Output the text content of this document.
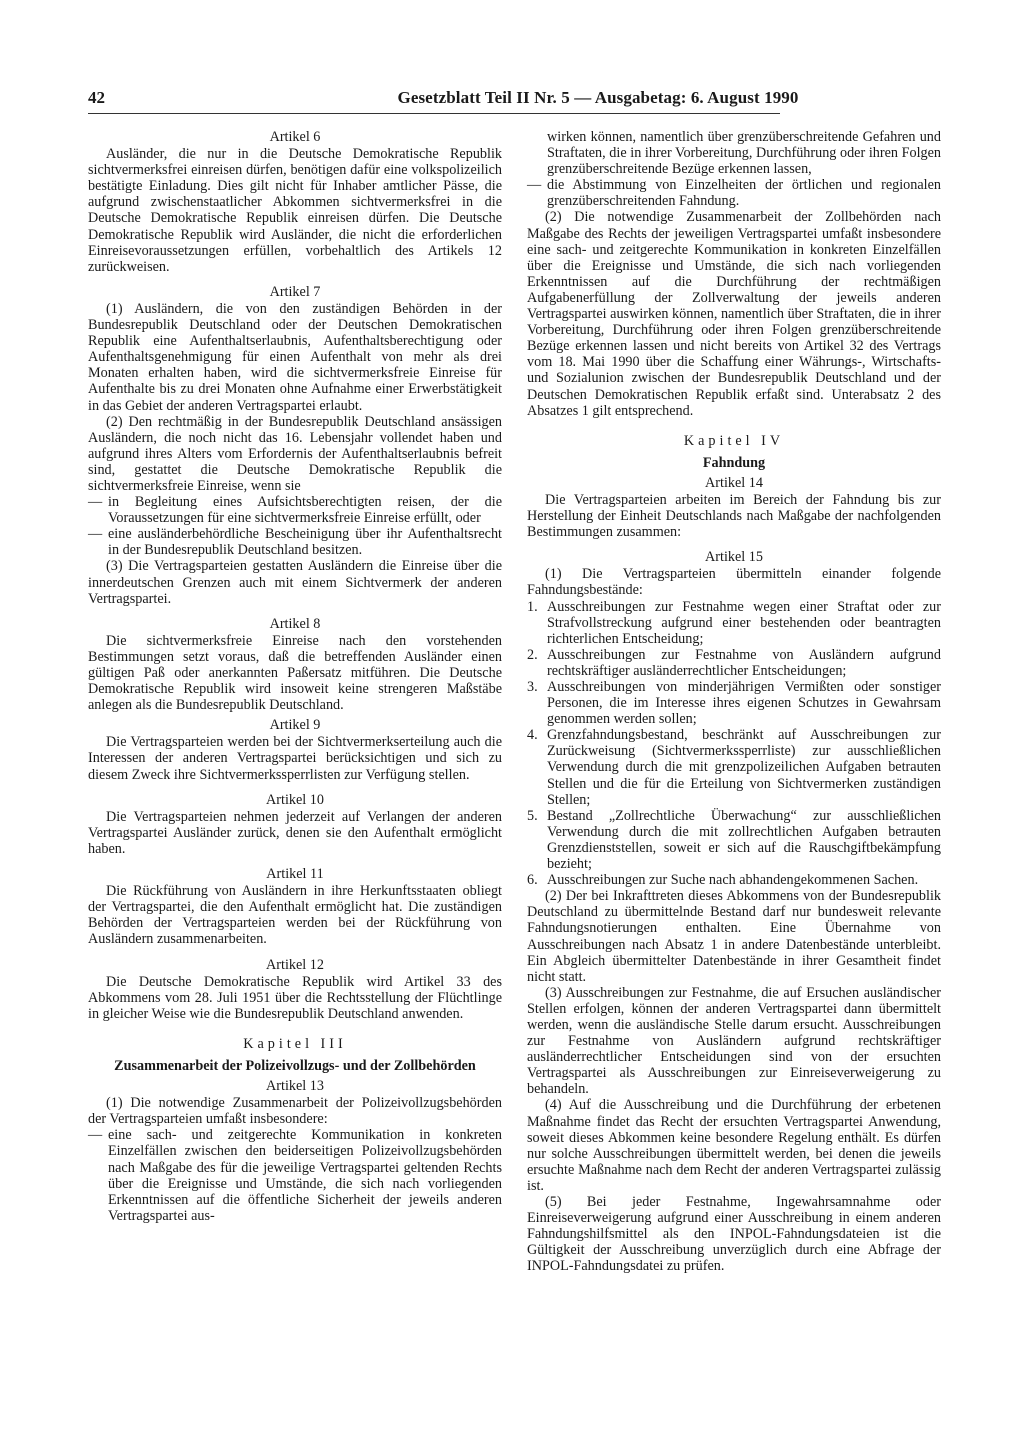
42	Gesetzblatt Teil II Nr. 5 — Ausgabetag: 6. August 1990
Artikel 6

Ausländer, die nur in die Deutsche Demokratische Republik sichtvermerksfrei einreisen dürfen, benötigen dafür eine volkspolizeilich bestätigte Einladung. Dies gilt nicht für Inhaber amtlicher Pässe, die aufgrund zwischenstaatlicher Abkommen sichtvermerksfrei in die Deutsche Demokratische Republik einreisen dürfen. Die Deutsche Demokratische Republik wird Ausländer, die nicht die erforderlichen Einreisevoraussetzungen erfüllen, vorbehaltlich des Artikels 12 zurückweisen.

Artikel 7

(1) Ausländern, die von den zuständigen Behörden in der Bundesrepublik Deutschland oder der Deutschen Demokratischen Republik eine Aufenthaltserlaubnis, Aufenthaltsberechtigung oder Aufenthaltsgenehmigung für einen Aufenthalt von mehr als drei Monaten erhalten haben, wird die sichtvermerksfreie Einreise für Aufenthalte bis zu drei Monaten ohne Aufnahme einer Erwerbstätigkeit in das Gebiet der anderen Vertragspartei erlaubt.

(2) Den rechtmäßig in der Bundesrepublik Deutschland ansässigen Ausländern, die noch nicht das 16. Lebensjahr vollendet haben und aufgrund ihres Alters vom Erfordernis der Aufenthaltserlaubnis befreit sind, gestattet die Deutsche Demokratische Republik die sichtvermerksfreie Einreise, wenn sie

— in Begleitung eines Aufsichtsberechtigten reisen, der die Voraussetzungen für eine sichtvermerksfreie Einreise erfüllt, oder
— eine ausländerbehördliche Bescheinigung über ihr Aufenthaltsrecht in der Bundesrepublik Deutschland besitzen.

(3) Die Vertragsparteien gestatten Ausländern die Einreise über die innerdeutschen Grenzen auch mit einem Sichtvermerk der anderen Vertragspartei.

Artikel 8

Die sichtvermerksfreie Einreise nach den vorstehenden Bestimmungen setzt voraus, daß die betreffenden Ausländer einen gültigen Paß oder anerkannten Paßersatz mitführen. Die Deutsche Demokratische Republik wird insoweit keine strengeren Maßstäbe anlegen als die Bundesrepublik Deutschland.

Artikel 9

Die Vertragsparteien werden bei der Sichtvermerkserteilung auch die Interessen der anderen Vertragspartei berücksichtigen und sich zu diesem Zweck ihre Sichtvermerkssperrlisten zur Verfügung stellen.

Artikel 10

Die Vertragsparteien nehmen jederzeit auf Verlangen der anderen Vertragspartei Ausländer zurück, denen sie den Aufenthalt ermöglicht haben.

Artikel 11

Die Rückführung von Ausländern in ihre Herkunftsstaaten obliegt der Vertragspartei, die den Aufenthalt ermöglicht hat. Die zuständigen Behörden der Vertragsparteien werden bei der Rückführung von Ausländern zusammenarbeiten.

Artikel 12

Die Deutsche Demokratische Republik wird Artikel 33 des Abkommens vom 28. Juli 1951 über die Rechtsstellung der Flüchtlinge in gleicher Weise wie die Bundesrepublik Deutschland anwenden.

Kapitel III
Zusammenarbeit der Polizeivollzugs- und der Zollbehörden
Artikel 13

(1) Die notwendige Zusammenarbeit der Polizeivollzugsbehörden der Vertragsparteien umfaßt insbesondere:

— eine sach- und zeitgerechte Kommunikation in konkreten Einzelfällen zwischen den beiderseitigen Polizeivollzugsbehörden nach Maßgabe des für die jeweilige Vertragspartei geltenden Rechts über die Ereignisse und Umstände, die sich nach vorliegenden Erkenntnissen auf die öffentliche Sicherheit der jeweils anderen Vertragspartei aus-
wirken können, namentlich über grenzüberschreitende Gefahren und Straftaten, die in ihrer Vorbereitung, Durchführung oder ihren Folgen grenzüberschreitende Bezüge erkennen lassen,
— die Abstimmung von Einzelheiten der örtlichen und regionalen grenzüberschreitenden Fahndung.

(2) Die notwendige Zusammenarbeit der Zollbehörden nach Maßgabe des Rechts der jeweiligen Vertragspartei umfaßt insbesondere eine sach- und zeitgerechte Kommunikation in konkreten Einzelfällen über die Ereignisse und Umstände, die sich nach vorliegenden Erkenntnissen auf die Durchführung der rechtmäßigen Aufgabenerfüllung der Zollverwaltung der jeweils anderen Vertragspartei auswirken können, namentlich über Straftaten, die in ihrer Vorbereitung, Durchführung oder ihren Folgen grenzüberschreitende Bezüge erkennen lassen und nicht bereits von Artikel 32 des Vertrags vom 18. Mai 1990 über die Schaffung einer Währungs-, Wirtschafts- und Sozialunion zwischen der Bundesrepublik Deutschland und der Deutschen Demokratischen Republik erfaßt sind. Unterabsatz 2 des Absatzes 1 gilt entsprechend.

Kapitel IV
Fahndung
Artikel 14

Die Vertragsparteien arbeiten im Bereich der Fahndung bis zur Herstellung der Einheit Deutschlands nach Maßgabe der nachfolgenden Bestimmungen zusammen:

Artikel 15

(1) Die Vertragsparteien übermitteln einander folgende Fahndungsbestände:

1. Ausschreibungen zur Festnahme wegen einer Straftat oder zur Strafvollstreckung aufgrund einer bestehenden oder beantragten richterlichen Entscheidung;
2. Ausschreibungen zur Festnahme von Ausländern aufgrund rechtskräftiger ausländerrechtlicher Entscheidungen;
3. Ausschreibungen von minderjährigen Vermißten oder sonstiger Personen, die im Interesse ihres eigenen Schutzes in Gewahrsam genommen werden sollen;
4. Grenzfahndungsbestand, beschränkt auf Ausschreibungen zur Zurückweisung (Sichtvermerkssperrliste) zur ausschließlichen Verwendung durch die mit grenzpolizeilichen Aufgaben betrauten Stellen und die für die Erteilung von Sichtvermerken zuständigen Stellen;
5. Bestand „Zollrechtliche Überwachung“ zur ausschließlichen Verwendung durch die mit zollrechtlichen Aufgaben betrauten Grenzdienststellen, soweit er sich auf die Rauschgiftbekämpfung bezieht;
6. Ausschreibungen zur Suche nach abhandengekommenen Sachen.

(2) Der bei Inkrafttreten dieses Abkommens von der Bundesrepublik Deutschland zu übermittelnde Bestand darf nur bundesweit relevante Fahndungsnotierungen enthalten. Eine Übernahme von Ausschreibungen nach Absatz 1 in andere Datenbestände unterbleibt. Ein Abgleich übermittelter Datenbestände in ihrer Gesamtheit findet nicht statt.

(3) Ausschreibungen zur Festnahme, die auf Ersuchen ausländischer Stellen erfolgen, können der anderen Vertragspartei dann übermittelt werden, wenn die ausländische Stelle darum ersucht. Ausschreibungen zur Festnahme von Ausländern aufgrund rechtskräftiger ausländerrechtlicher Entscheidungen sind von der ersuchten Vertragspartei als Ausschreibungen zur Einreiseverweigerung zu behandeln.

(4) Auf die Ausschreibung und die Durchführung der erbetenen Maßnahme findet das Recht der ersuchten Vertragspartei Anwendung, soweit dieses Abkommen keine besondere Regelung enthält. Es dürfen nur solche Ausschreibungen übermittelt werden, bei denen die jeweils ersuchte Maßnahme nach dem Recht der anderen Vertragspartei zulässig ist.

(5) Bei jeder Festnahme, Ingewahrsamnahme oder Einreiseverweigerung aufgrund einer Ausschreibung in einem anderen Fahndungshilfsmittel als den INPOL-Fahndungsdateien ist die Gültigkeit der Ausschreibung unverzüglich durch eine Abfrage der INPOL-Fahndungsdatei zu prüfen.
